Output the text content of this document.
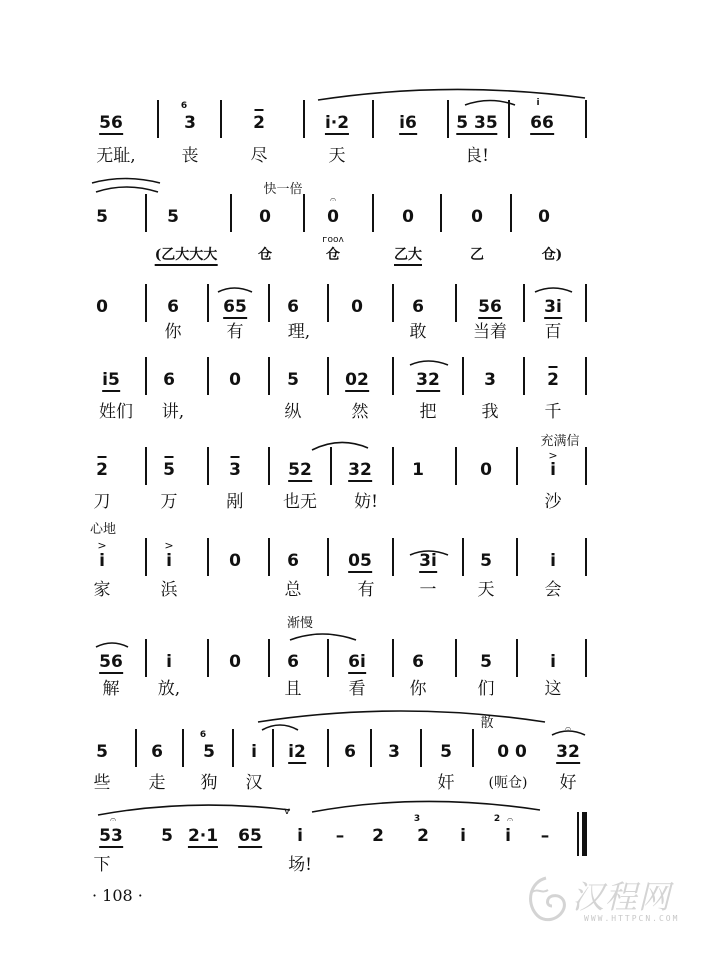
56
6
3	2	i·2	i6 5 35
i
66
无耻,	丧	尽	天	良!
快一倍
5	5	0
𝄐
0	0	0	0
(乙大大大	仓
ᴦooᴧ
仓	乙大	乙	仓)
0	6	65 6	0	6	56 3i
你	有	理,	敢	当着 百
i5	6	0	5	02	32	3	2
姓们 讲,	纵	然	把	我	千
充满信
2	5	3	52 32 1	0
>
i
刀	万	剐 也无 妨!	沙
心地
>
i
>
i	0	6	05	3i	5	i
家	浜	总	有	一 天	会
渐慢
56	i	0	6	6i	6	5	i
解 放,	且	看	你	们	这
散
5	6
6
5 i i2 6 3 5	0 0
𝄐
32
些 走 狗 汉	奸 (呃仓) 好
𝄐
53 5 2·1 65
v
i – 2
3
2 i
2 𝄐
i –
下	场!
· 108 ·	汉程网
WWW.HTTPCN.COM
